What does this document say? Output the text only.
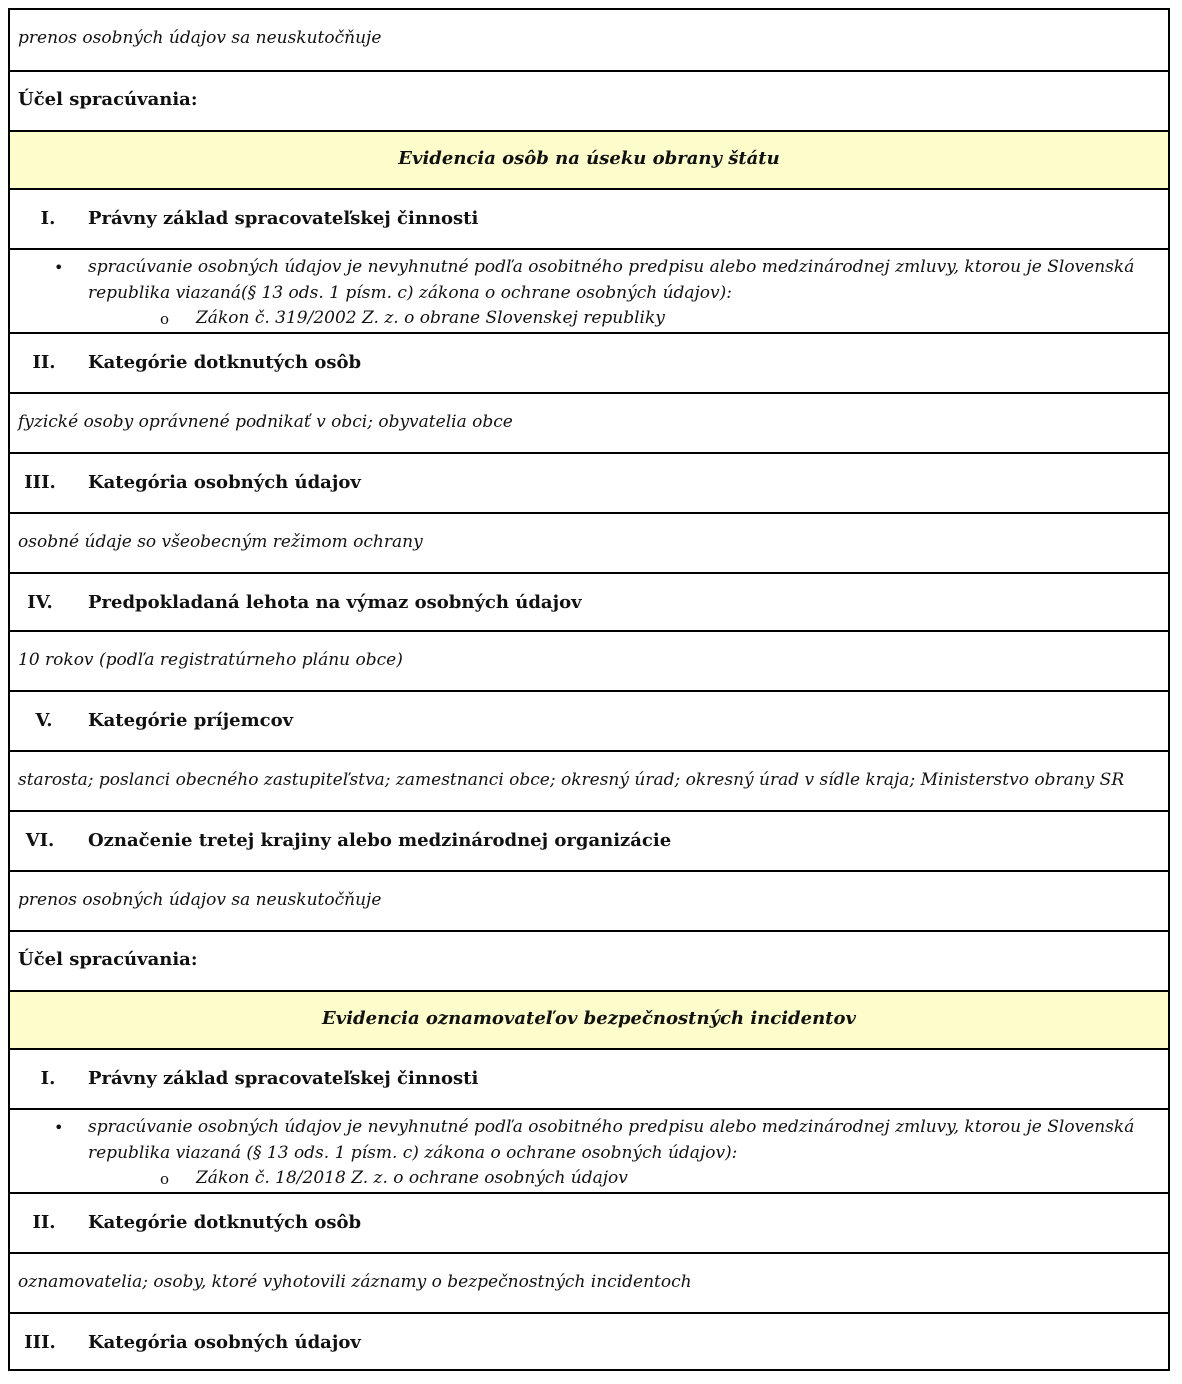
prenos osobných údajov sa neuskutočňuje
Účel spracúvania:
Evidencia osôb na úseku obrany štátu
I.	Právny základ spracovateľskej činnosti
• spracúvanie osobných údajov je nevyhnutné podľa osobitného predpisu alebo medzinárodnej zmluvy, ktorou je Slovenská republika viazaná(§ 13 ods. 1 písm. c) zákona o ochrane osobných údajov):
o Zákon č. 319/2002 Z. z. o obrane Slovenskej republiky
II.	Kategórie dotknutých osôb
fyzické osoby oprávnené podnikať v obci; obyvatelia obce
III.	Kategória osobných údajov
osobné údaje so všeobecným režimom ochrany
IV.	Predpokladaná lehota na výmaz osobných údajov
10 rokov (podľa registratúrneho plánu obce)
V.	Kategórie príjemcov
starosta; poslanci obecného zastupiteľstva; zamestnanci obce; okresný úrad; okresný úrad v sídle kraja; Ministerstvo obrany SR
VI.	Označenie tretej krajiny alebo medzinárodnej organizácie
prenos osobných údajov sa neuskutočňuje
Účel spracúvania:
Evidencia oznamovateľov bezpečnostných incidentov
I.	Právny základ spracovateľskej činnosti
• spracúvanie osobných údajov je nevyhnutné podľa osobitného predpisu alebo medzinárodnej zmluvy, ktorou je Slovenská republika viazaná (§ 13 ods. 1 písm. c) zákona o ochrane osobných údajov):
o Zákon č. 18/2018 Z. z. o ochrane osobných údajov
II.	Kategórie dotknutých osôb
oznamovatelia; osoby, ktoré vyhotovili záznamy o bezpečnostných incidentoch
III.	Kategória osobných údajov
